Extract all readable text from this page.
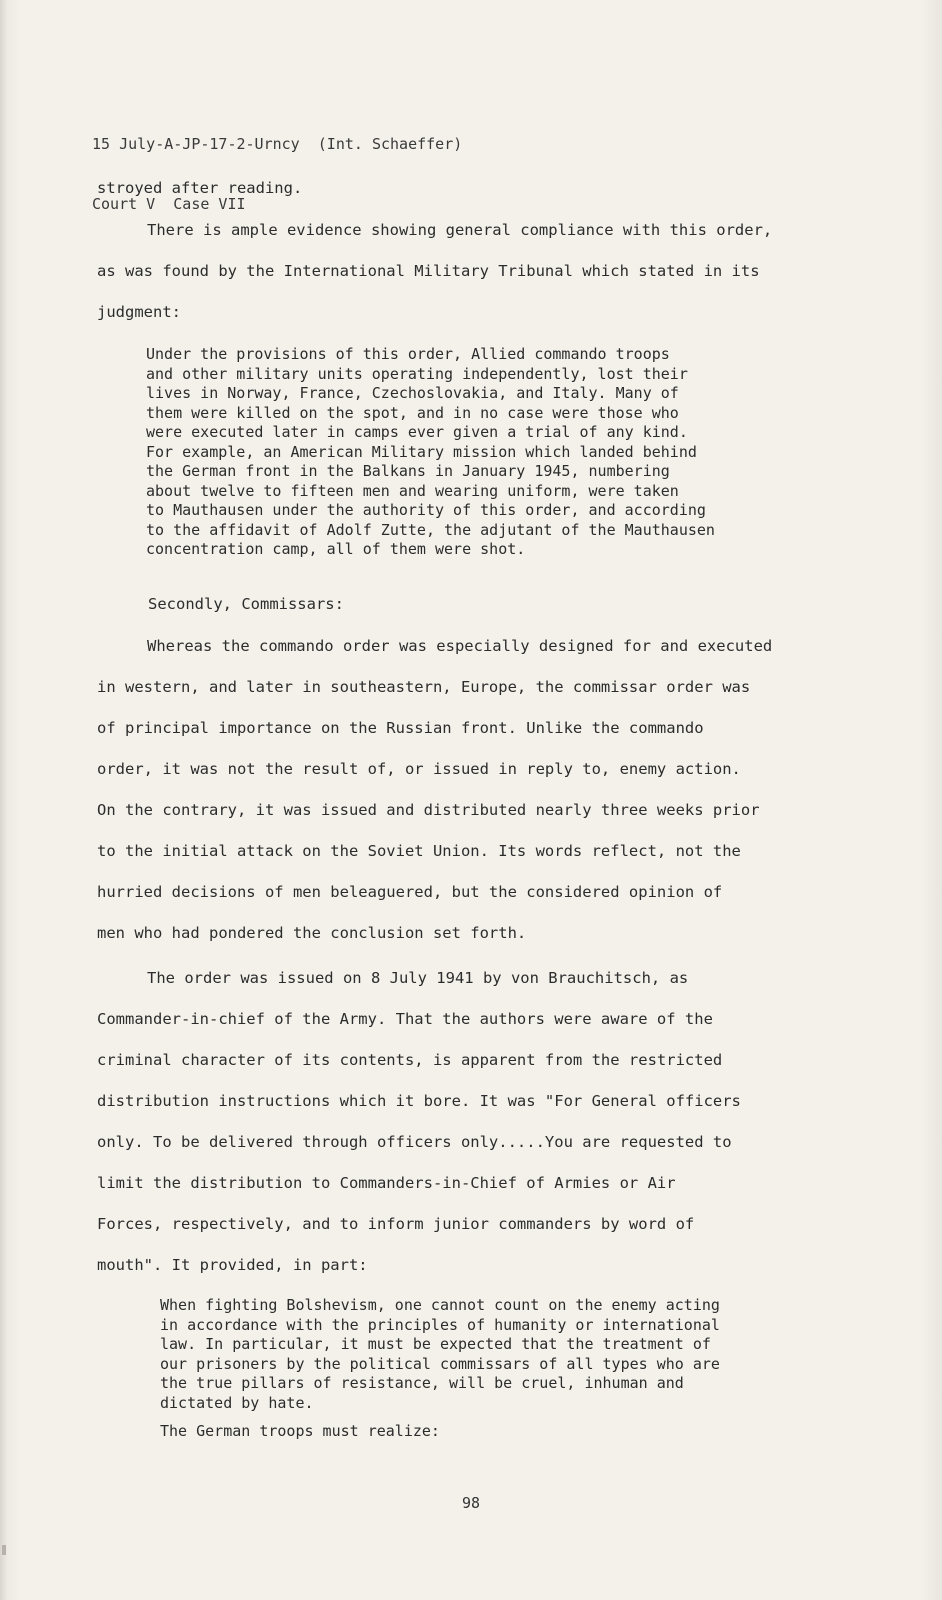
15 July-A-JP-17-2-Urncy  (Int. Schaeffer)

Court V  Case VII

stroyed after reading.
There is ample evidence showing general compliance with this order,
as was found by the International Military Tribunal which stated in its
judgment:
Under the provisions of this order, Allied commando troops
and other military units operating independently, lost their
lives in Norway, France, Czechoslovakia, and Italy. Many of
them were killed on the spot, and in no case were those who
were executed later in camps ever given a trial of any kind.
For example, an American Military mission which landed behind
the German front in the Balkans in January 1945, numbering
about twelve to fifteen men and wearing uniform, were taken
to Mauthausen under the authority of this order, and according
to the affidavit of Adolf Zutte, the adjutant of the Mauthausen
concentration camp, all of them were shot.
Secondly, Commissars:
Whereas the commando order was especially designed for and executed
in western, and later in southeastern, Europe, the commissar order was
of principal importance on the Russian front. Unlike the commando
order, it was not the result of, or issued in reply to, enemy action.
On the contrary, it was issued and distributed nearly three weeks prior
to the initial attack on the Soviet Union. Its words reflect, not the
hurried decisions of men beleaguered, but the considered opinion of
men who had pondered the conclusion set forth.
The order was issued on 8 July 1941 by von Brauchitsch, as
Commander-in-chief of the Army. That the authors were aware of the
criminal character of its contents, is apparent from the restricted
distribution instructions which it bore. It was "For General officers
only. To be delivered through officers only.....You are requested to
limit the distribution to Commanders-in-Chief of Armies or Air
Forces, respectively, and to inform junior commanders by word of
mouth". It provided, in part:
When fighting Bolshevism, one cannot count on the enemy acting
in accordance with the principles of humanity or international
law. In particular, it must be expected that the treatment of
our prisoners by the political commissars of all types who are
the true pillars of resistance, will be cruel, inhuman and
dictated by hate.
The German troops must realize:
98
